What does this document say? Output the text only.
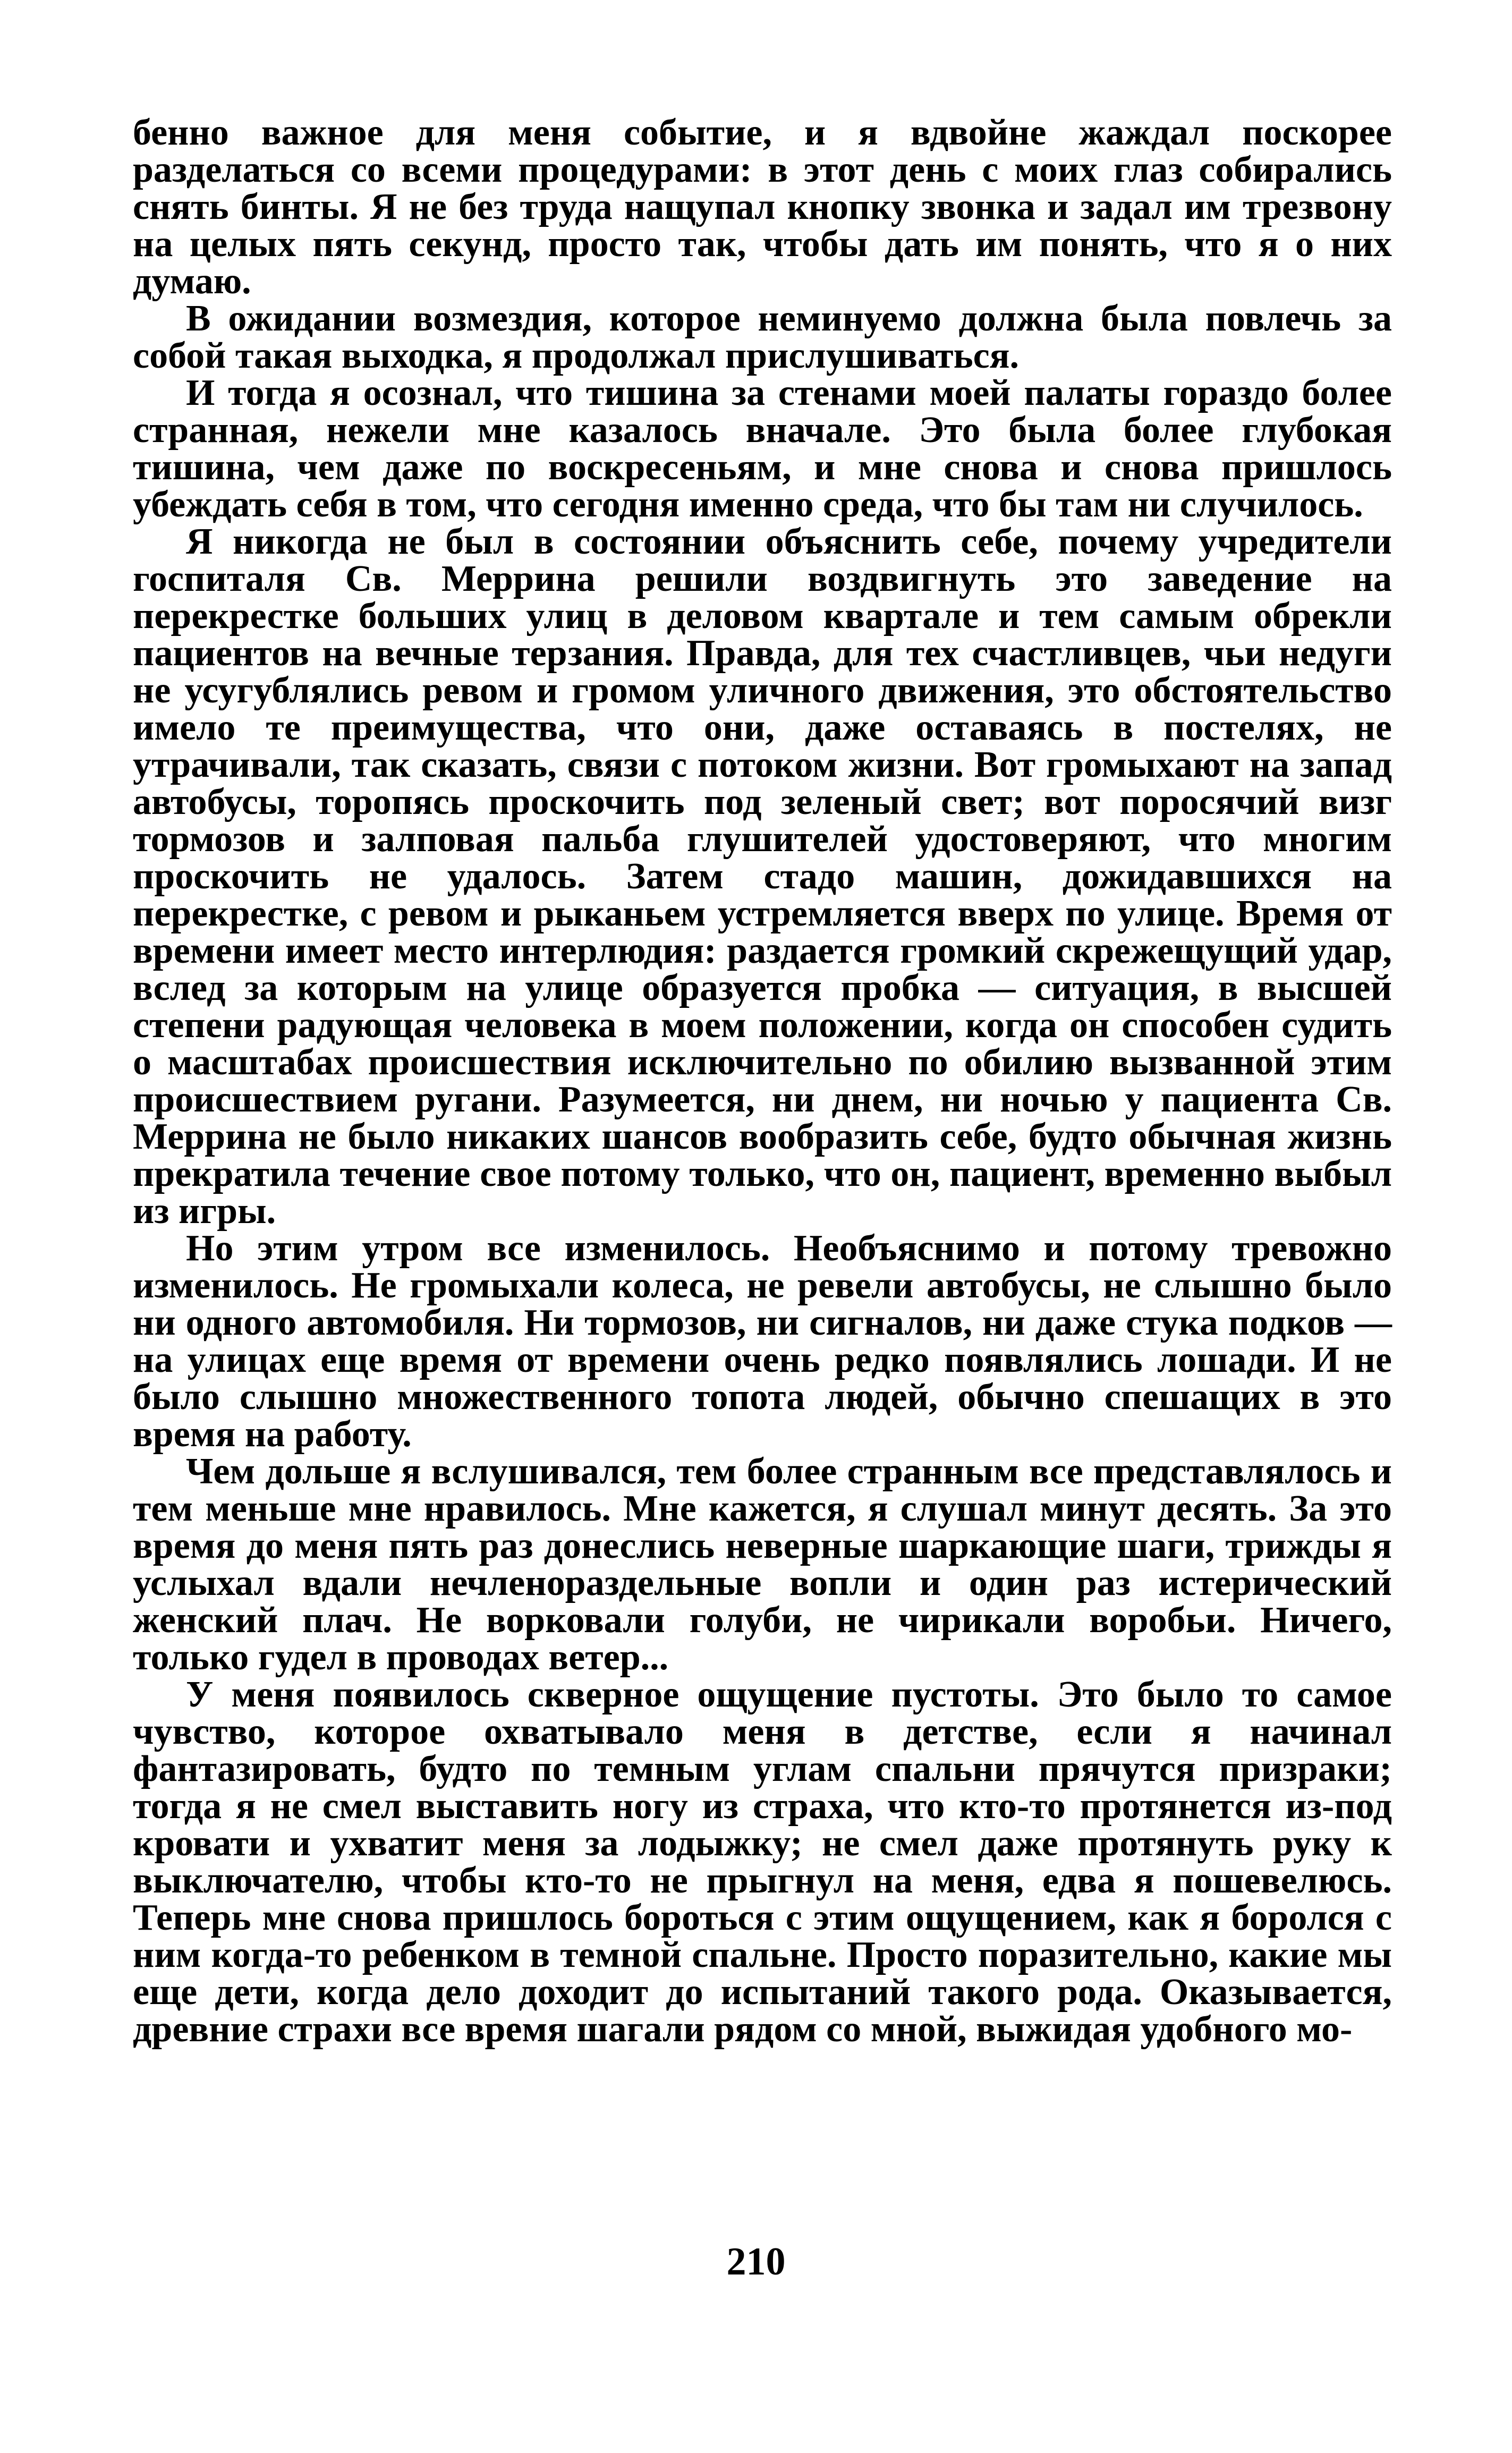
бенно важное для меня событие, и я вдвойне жаждал поскорее разделаться со всеми процедурами: в этот день с моих глаз собирались снять бинты. Я не без труда нащупал кнопку звонка и задал им трезвону на целых пять секунд, просто так, чтобы дать им понять, что я о них думаю.

В ожидании возмездия, которое неминуемо должна была повлечь за собой такая выходка, я продолжал прислушиваться.

И тогда я осознал, что тишина за стенами моей палаты гораздо более странная, нежели мне казалось вначале. Это была более глубокая тишина, чем даже по воскресеньям, и мне снова и снова пришлось убеждать себя в том, что сегодня именно среда, что бы там ни случилось.

Я никогда не был в состоянии объяснить себе, почему учредители госпиталя Св. Меррина решили воздвигнуть это заведение на перекрестке больших улиц в деловом квартале и тем самым обрекли пациентов на вечные терзания. Правда, для тех счастливцев, чьи недуги не усугублялись ревом и громом уличного движения, это обстоятельство имело те преимущества, что они, даже оставаясь в постелях, не утрачивали, так сказать, связи с потоком жизни. Вот громыхают на запад автобусы, торопясь проскочить под зеленый свет; вот поросячий визг тормозов и залповая пальба глушителей удостоверяют, что многим проскочить не удалось. Затем стадо машин, дожидавшихся на перекрестке, с ревом и рыканьем устремляется вверх по улице. Время от времени имеет место интерлюдия: раздается громкий скрежещущий удар, вслед за которым на улице образуется пробка — ситуация, в высшей степени радующая человека в моем положении, когда он способен судить о масштабах происшествия исключительно по обилию вызванной этим происшествием ругани. Разумеется, ни днем, ни ночью у пациента Св. Меррина не было никаких шансов вообразить себе, будто обычная жизнь прекратила течение свое потому только, что он, пациент, временно выбыл из игры.

Но этим утром все изменилось. Необъяснимо и потому тревожно изменилось. Не громыхали колеса, не ревели автобусы, не слышно было ни одного автомобиля. Ни тормозов, ни сигналов, ни даже стука подков — на улицах еще время от времени очень редко появлялись лошади. И не было слышно множественного топота людей, обычно спешащих в это время на работу.

Чем дольше я вслушивался, тем более странным все представлялось и тем меньше мне нравилось. Мне кажется, я слушал минут десять. За это время до меня пять раз донеслись неверные шаркающие шаги, трижды я услыхал вдали нечленораздельные вопли и один раз истерический женский плач. Не ворковали голуби, не чирикали воробьи. Ничего, только гудел в проводах ветер...

У меня появилось скверное ощущение пустоты. Это было то самое чувство, которое охватывало меня в детстве, если я начинал фантазировать, будто по темным углам спальни прячутся призраки; тогда я не смел выставить ногу из страха, что кто-то протянется из-под кровати и ухватит меня за лодыжку; не смел даже протянуть руку к выключателю, чтобы кто-то не прыгнул на меня, едва я пошевелюсь. Теперь мне снова пришлось бороться с этим ощущением, как я боролся с ним когда-то ребенком в темной спальне. Просто поразительно, какие мы еще дети, когда дело доходит до испытаний такого рода. Оказывается, древние страхи все время шагали рядом со мной, выжидая удобного мо-

210
